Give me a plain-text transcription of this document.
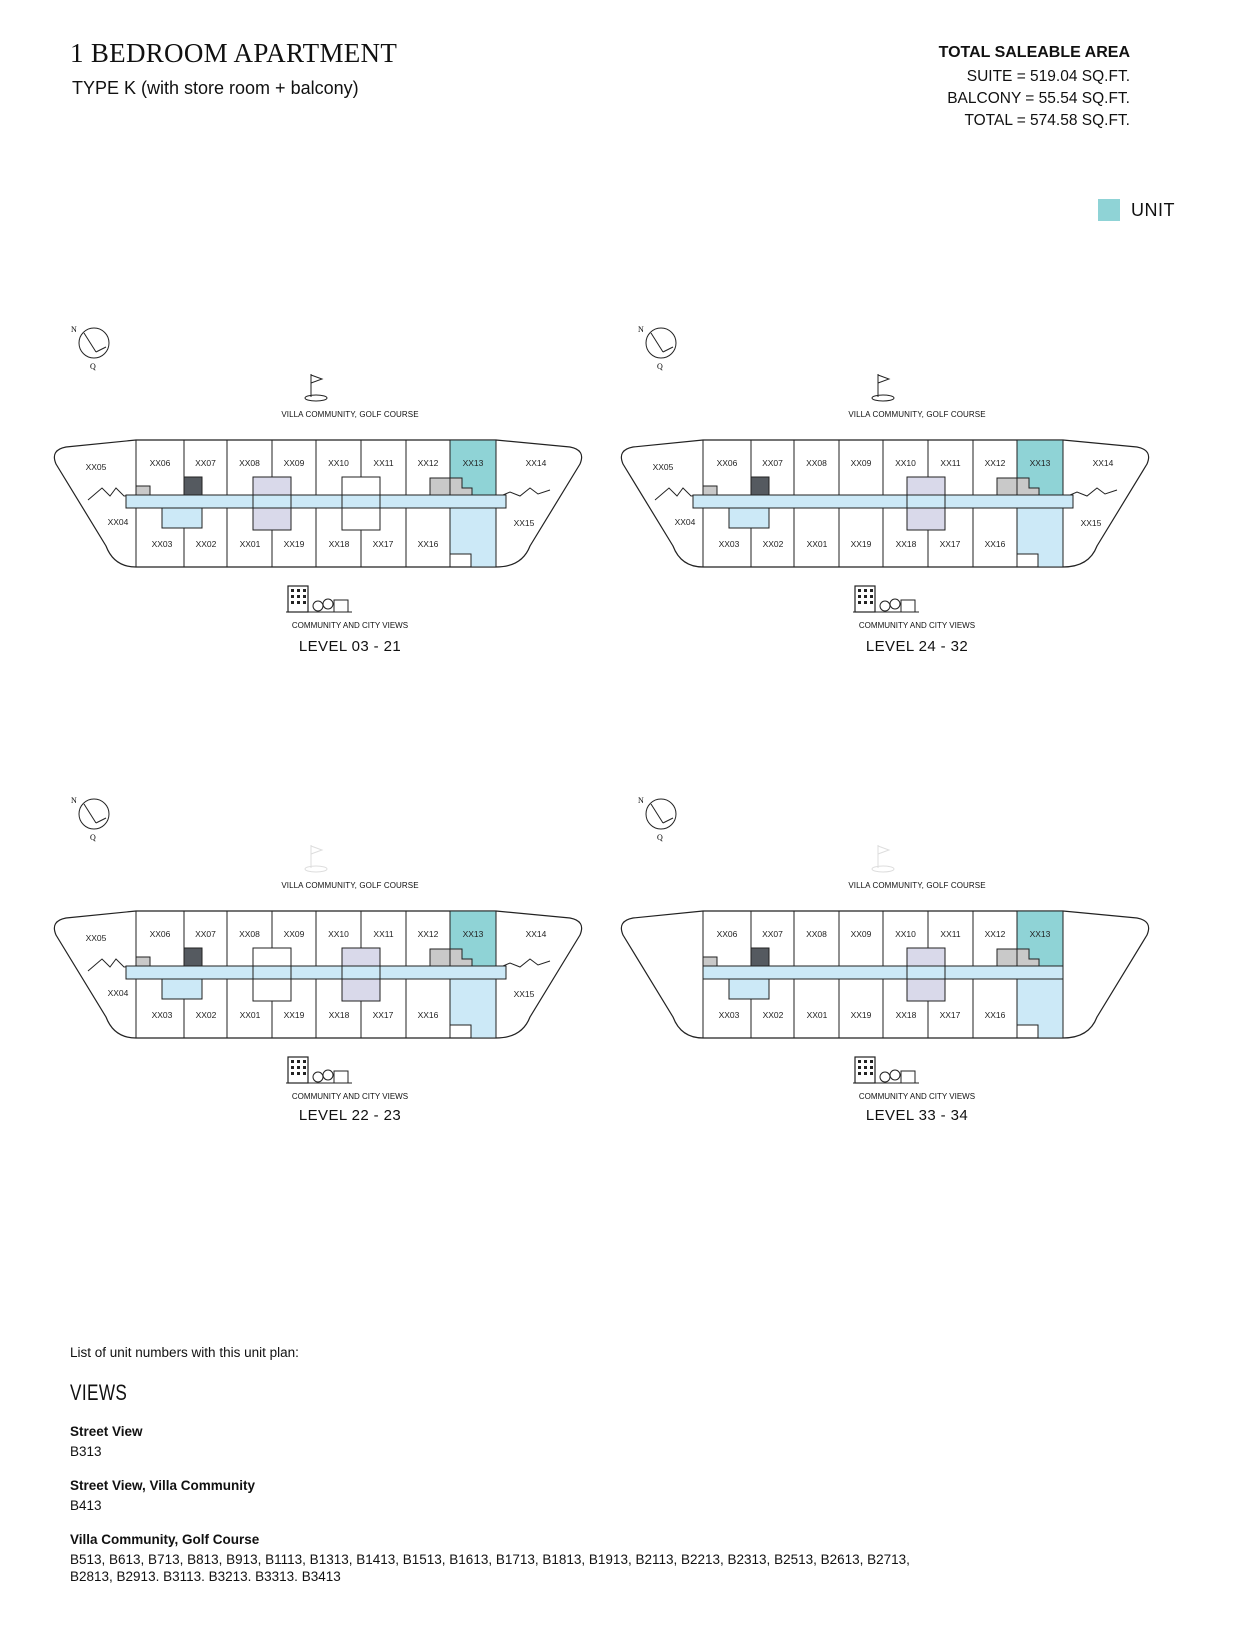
1 BEDROOM APARTMENT
TYPE K (with store room + balcony)
TOTAL SALEABLE AREA
SUITE = 519.04 SQ.FT.
BALCONY = 55.54 SQ.FT.
TOTAL = 574.58 SQ.FT.
UNIT
N
Q
XX06	XX07	XX08	XX09	XX10	XX11	XX12	XX13
XX03	XX02	XX01	XX19	XX18	XX17	XX16
XX05
XX04
XX14
XX15
VILLA COMMUNITY, GOLF COURSE
COMMUNITY AND CITY VIEWS
LEVEL 03 - 21
N
Q
XX06	XX07	XX08	XX09	XX10	XX11	XX12	XX13
XX03	XX02	XX01	XX19	XX18	XX17	XX16
XX05
XX04
XX14
XX15
VILLA COMMUNITY, GOLF COURSE
COMMUNITY AND CITY VIEWS
LEVEL 24 - 32
N
Q
XX06	XX07	XX08	XX09	XX10	XX11	XX12	XX13
XX03	XX02	XX01	XX19	XX18	XX17	XX16
XX05
XX04
XX14
XX15
VILLA COMMUNITY, GOLF COURSE
COMMUNITY AND CITY VIEWS
LEVEL 22 - 23
N
Q
XX06	XX07	XX08	XX09	XX10	XX11	XX12	XX13
XX03	XX02	XX01	XX19	XX18	XX17	XX16
VILLA COMMUNITY, GOLF COURSE
COMMUNITY AND CITY VIEWS
LEVEL 33 - 34
List of unit numbers with this unit plan:
VIEWS
Street View
B313
Street View, Villa Community
B413
Villa Community, Golf Course
B513, B613, B713, B813, B913, B1113, B1313, B1413, B1513, B1613, B1713, B1813, B1913, B2113, B2213, B2313, B2513, B2613, B2713, B2813, B2913. B3113. B3213. B3313. B3413
